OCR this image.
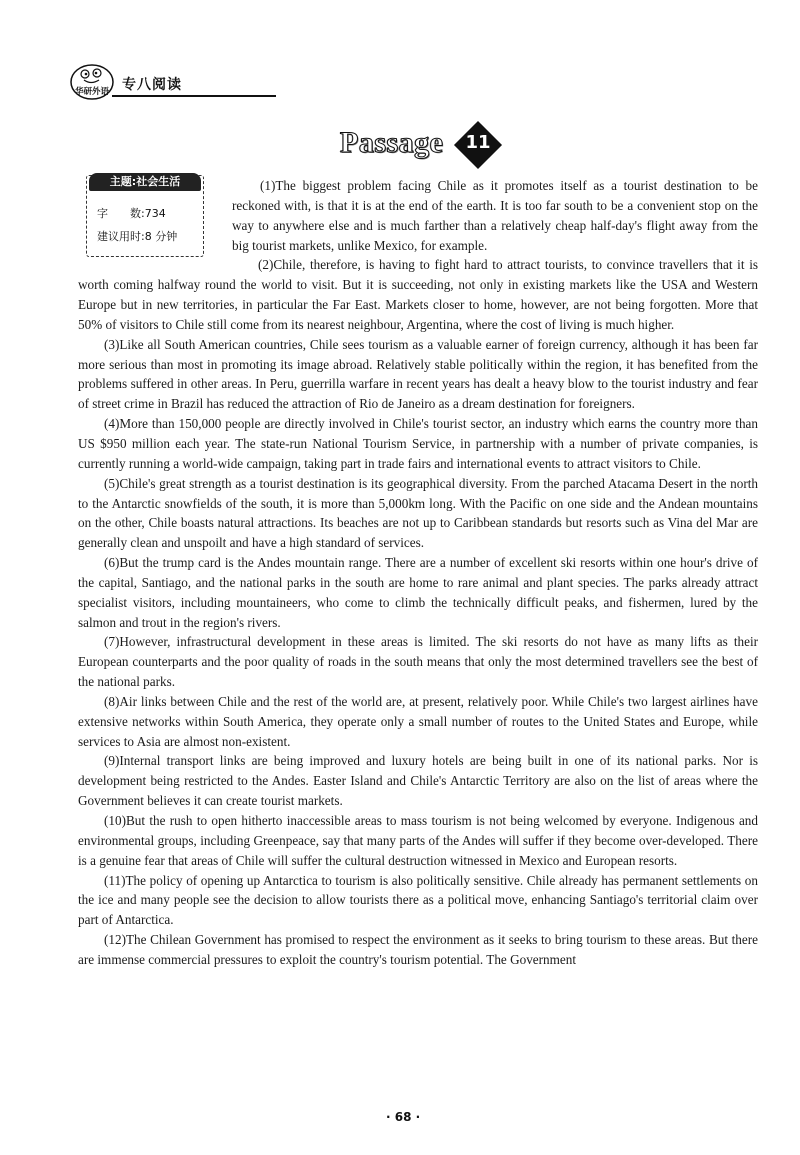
华研外语 专八阅读
Passage 11
主题:社会生活
字　　数:734
建议用时:8 分钟

(1)The biggest problem facing Chile as it promotes itself as a tourist destination to be reckoned with, is that it is at the end of the earth. It is too far south to be a convenient stop on the way to anywhere else and is much farther than a relatively cheap half-day's flight away from the big tourist markets, unlike Mexico, for example.

(2)Chile, therefore, is having to fight hard to attract tourists, to convince travellers that it is worth coming halfway round the world to visit. But it is succeeding, not only in existing markets like the USA and Western Europe but in new territories, in particular the Far East. Markets closer to home, however, are not being forgotten. More that 50% of visitors to Chile still come from its nearest neighbour, Argentina, where the cost of living is much higher.

(3)Like all South American countries, Chile sees tourism as a valuable earner of foreign currency, although it has been far more serious than most in promoting its image abroad. Relatively stable politically within the region, it has benefited from the problems suffered in other areas. In Peru, guerrilla warfare in recent years has dealt a heavy blow to the tourist industry and fear of street crime in Brazil has reduced the attraction of Rio de Janeiro as a dream destination for foreigners.

(4)More than 150,000 people are directly involved in Chile's tourist sector, an industry which earns the country more than US $950 million each year. The state-run National Tourism Service, in partnership with a number of private companies, is currently running a world-wide campaign, taking part in trade fairs and international events to attract visitors to Chile.

(5)Chile's great strength as a tourist destination is its geographical diversity. From the parched Atacama Desert in the north to the Antarctic snowfields of the south, it is more than 5,000km long. With the Pacific on one side and the Andean mountains on the other, Chile boasts natural attractions. Its beaches are not up to Caribbean standards but resorts such as Vina del Mar are generally clean and unspoilt and have a high standard of services.

(6)But the trump card is the Andes mountain range. There are a number of excellent ski resorts within one hour's drive of the capital, Santiago, and the national parks in the south are home to rare animal and plant species. The parks already attract specialist visitors, including mountaineers, who come to climb the technically difficult peaks, and fishermen, lured by the salmon and trout in the region's rivers.

(7)However, infrastructural development in these areas is limited. The ski resorts do not have as many lifts as their European counterparts and the poor quality of roads in the south means that only the most determined travellers see the best of the national parks.

(8)Air links between Chile and the rest of the world are, at present, relatively poor. While Chile's two largest airlines have extensive networks within South America, they operate only a small number of routes to the United States and Europe, while services to Asia are almost non-existent.

(9)Internal transport links are being improved and luxury hotels are being built in one of its national parks. Nor is development being restricted to the Andes. Easter Island and Chile's Antarctic Territory are also on the list of areas where the Government believes it can create tourist markets.

(10)But the rush to open hitherto inaccessible areas to mass tourism is not being welcomed by everyone. Indigenous and environmental groups, including Greenpeace, say that many parts of the Andes will suffer if they become over-developed. There is a genuine fear that areas of Chile will suffer the cultural destruction witnessed in Mexico and European resorts.

(11)The policy of opening up Antarctica to tourism is also politically sensitive. Chile already has permanent settlements on the ice and many people see the decision to allow tourists there as a political move, enhancing Santiago's territorial claim over part of Antarctica.

(12)The Chilean Government has promised to respect the environment as it seeks to bring tourism to these areas. But there are immense commercial pressures to exploit the country's tourism potential. The Government

· 68 ·
